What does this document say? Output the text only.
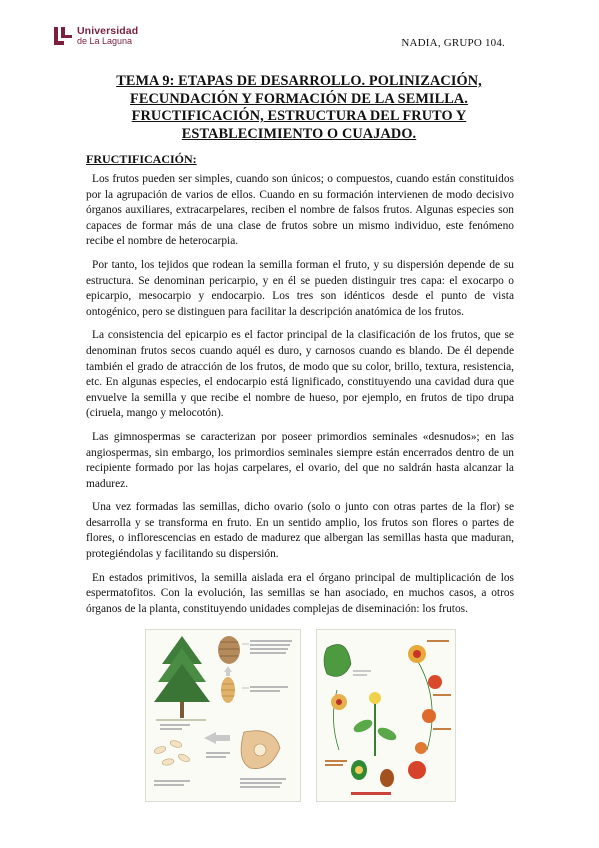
Universidad
de La Laguna	NADIA, GRUPO 104.
TEMA 9: ETAPAS DE DESARROLLO. POLINIZACIÓN,
FECUNDACIÓN Y FORMACIÓN DE LA SEMILLA.
FRUCTIFICACIÓN, ESTRUCTURA DEL FRUTO Y
ESTABLECIMIENTO O CUAJADO.
FRUCTIFICACIÓN:

Los frutos pueden ser simples, cuando son únicos; o compuestos, cuando están constituidos por la agrupación de varios de ellos. Cuando en su formación intervienen de modo decisivo órganos auxiliares, extracarpelares, reciben el nombre de falsos frutos. Algunas especies son capaces de formar más de una clase de frutos sobre un mismo individuo, este fenómeno recibe el nombre de heterocarpia.

Por tanto, los tejidos que rodean la semilla forman el fruto, y su dispersión depende de su estructura. Se denominan pericarpio, y en él se pueden distinguir tres capa: el exocarpo o epicarpio, mesocarpio y endocarpio. Los tres son idénticos desde el punto de vista ontogénico, pero se distinguen para facilitar la descripción anatómica de los frutos.

La consistencia del epicarpio es el factor principal de la clasificación de los frutos, que se denominan frutos secos cuando aquél es duro, y carnosos cuando es blando. De él depende también el grado de atracción de los frutos, de modo que su color, brillo, textura, resistencia, etc. En algunas especies, el endocarpio está lignificado, constituyendo una cavidad dura que envuelve la semilla y que recibe el nombre de hueso, por ejemplo, en frutos de tipo drupa (ciruela, mango y melocotón).

Las gimnospermas se caracterizan por poseer primordios seminales «desnudos»; en las angiospermas, sin embargo, los primordios seminales siempre están encerrados dentro de un recipiente formado por las hojas carpelares, el ovario, del que no saldrán hasta alcanzar la madurez.

Una vez formadas las semillas, dicho ovario (solo o junto con otras partes de la flor) se desarrolla y se transforma en fruto. En un sentido amplio, los frutos son flores o partes de flores, o inflorescencias en estado de madurez que albergan las semillas hasta que maduran, protegiéndolas y facilitando su dispersión.

En estados primitivos, la semilla aislada era el órgano principal de multiplicación de los espermatofitos. Con la evolución, las semillas se han asociado, en muchos casos, a otros órganos de la planta, constituyendo unidades complejas de diseminación: los frutos.
